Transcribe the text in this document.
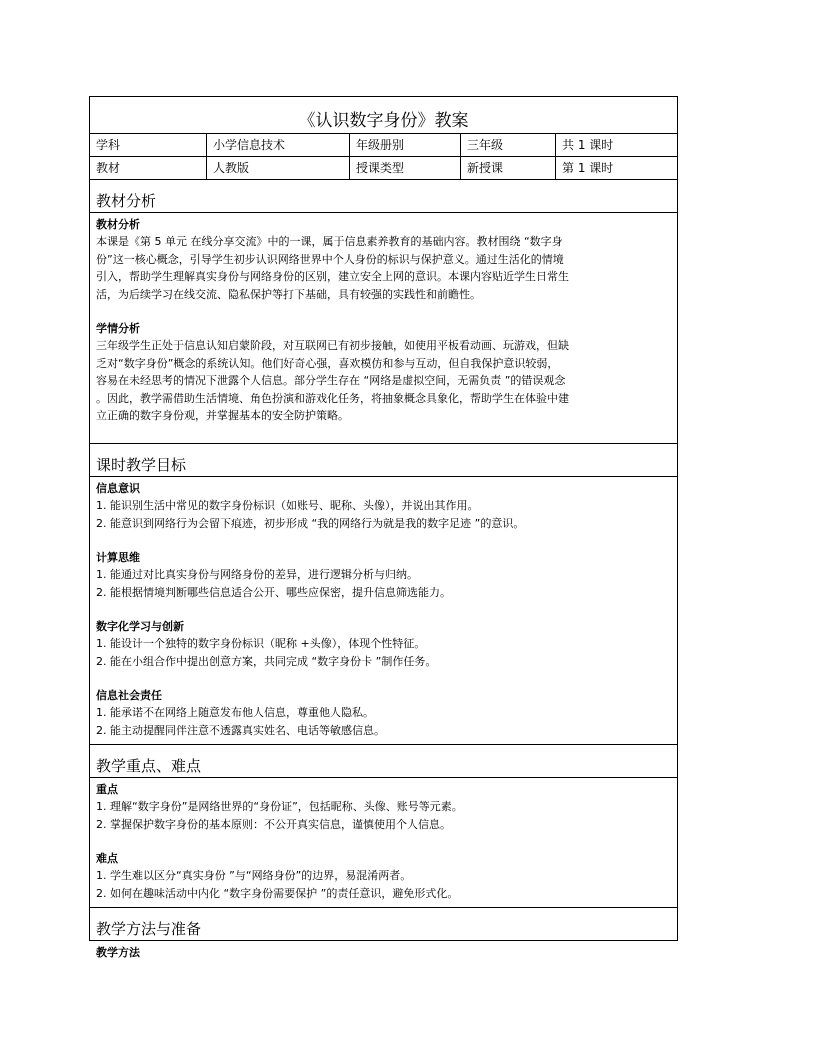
《认识数字身份》教案
学科	小学信息技术	年级册别	三年级	共 1 课时
教材	人教版	授课类型	新授课	第 1 课时
教材分析
教材分析
本课是《第 5 单元 在线分享交流》中的一课，属于信息素养教育的基础内容。教材围绕 “数字身
份”这一核心概念，引导学生初步认识网络世界中个人身份的标识与保护意义。通过生活化的情境
引入，帮助学生理解真实身份与网络身份的区别，建立安全上网的意识。本课内容贴近学生日常生
活，为后续学习在线交流、隐私保护等打下基础，具有较强的实践性和前瞻性。
学情分析
三年级学生正处于信息认知启蒙阶段，对互联网已有初步接触，如使用平板看动画、玩游戏，但缺
乏对“数字身份”概念的系统认知。他们好奇心强，喜欢模仿和参与互动，但自我保护意识较弱，
容易在未经思考的情况下泄露个人信息。部分学生存在 “网络是虚拟空间，无需负责 ”的错误观念
。因此，教学需借助生活情境、角色扮演和游戏化任务，将抽象概念具象化，帮助学生在体验中建
立正确的数字身份观，并掌握基本的安全防护策略。
课时教学目标
信息意识
1. 能识别生活中常见的数字身份标识（如账号、昵称、头像），并说出其作用。
2. 能意识到网络行为会留下痕迹，初步形成 “我的网络行为就是我的数字足迹 ”的意识。
计算思维
1. 能通过对比真实身份与网络身份的差异，进行逻辑分析与归纳。
2. 能根据情境判断哪些信息适合公开、哪些应保密，提升信息筛选能力。
数字化学习与创新
1. 能设计一个独特的数字身份标识（昵称 +头像），体现个性特征。
2. 能在小组合作中提出创意方案，共同完成 “数字身份卡 ”制作任务。
信息社会责任
1. 能承诺不在网络上随意发布他人信息，尊重他人隐私。
2. 能主动提醒同伴注意不透露真实姓名、电话等敏感信息。
教学重点、难点
重点
1. 理解“数字身份”是网络世界的“身份证”，包括昵称、头像、账号等元素。
2. 掌握保护数字身份的基本原则：不公开真实信息，谨慎使用个人信息。
难点
1. 学生难以区分“真实身份 ”与“网络身份”的边界，易混淆两者。
2. 如何在趣味活动中内化 “数字身份需要保护 ”的责任意识，避免形式化。
教学方法与准备
教学方法
